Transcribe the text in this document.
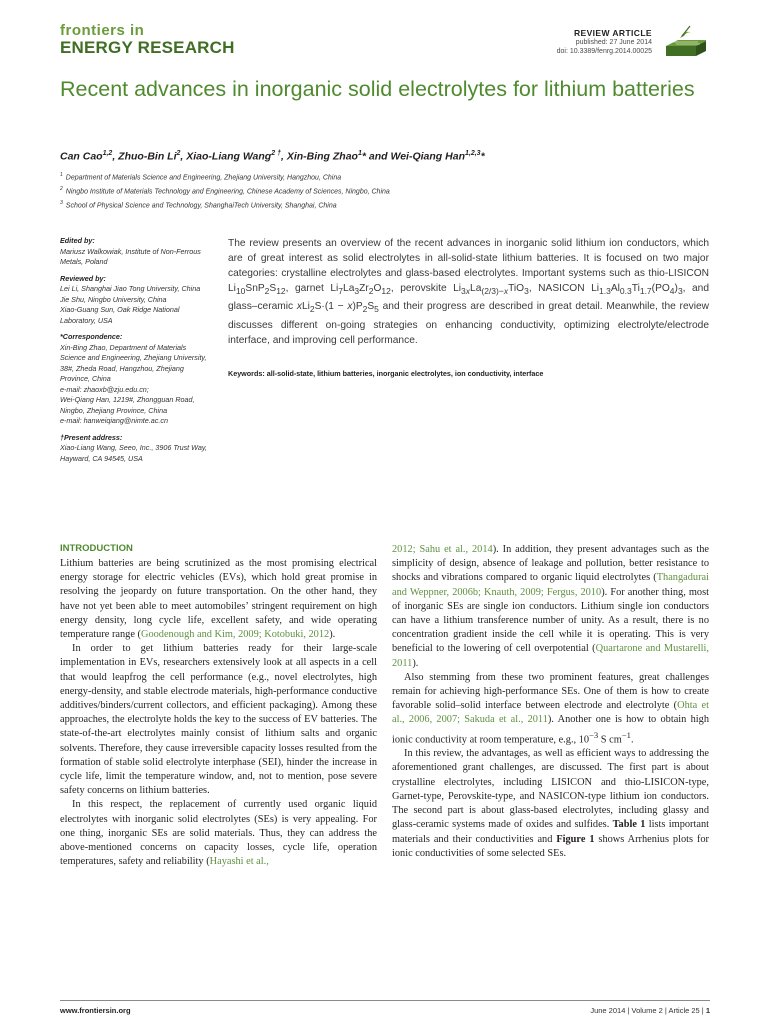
frontiers in
ENERGY RESEARCH
REVIEW ARTICLE
published: 27 June 2014
doi: 10.3389/fenrg.2014.00025
Recent advances in inorganic solid electrolytes for lithium batteries
Can Cao$^{1,2}$, Zhuo-Bin Li$^2$, Xiao-Liang Wang$^{2 \dagger}$, Xin-Bing Zhao$^1$* and Wei-Qiang Han$^{1,2,3}$*
$^1$ Department of Materials Science and Engineering, Zhejiang University, Hangzhou, China
$^2$ Ningbo Institute of Materials Technology and Engineering, Chinese Academy of Sciences, Ningbo, China
$^3$ School of Physical Science and Technology, ShanghaiTech University, Shanghai, China
Edited by:
Mariusz Walkowiak, Institute of Non-Ferrous Metals, Poland
Reviewed by:
Lei Li, Shanghai Jiao Tong University, China
Jie Shu, Ningbo University, China
Xiao-Guang Sun, Oak Ridge National Laboratory, USA
*Correspondence:
Xin-Bing Zhao, Department of Materials Science and Engineering, Zhejiang University, 38#, Zheda Road, Hangzhou, Zhejiang Province, China
e-mail: zhaoxb@zju.edu.cn;
Wei-Qiang Han, 1219#, Zhongguan Road, Ningbo, Zhejiang Province, China
e-mail: hanweiqiang@nimte.ac.cn
†Present address:
Xiao-Liang Wang, Seeo, Inc., 3906 Trust Way, Hayward, CA 94545, USA
The review presents an overview of the recent advances in inorganic solid lithium ion conductors, which are of great interest as solid electrolytes in all-solid-state lithium batteries. It is focused on two major categories: crystalline electrolytes and glass-based electrolytes. Important systems such as thio-LISICON $Li_{10}SnP_2S_{12}$, garnet $Li_7La_3Zr_2O_{12}$, perovskite $Li_{3x}La_{(2/3)-x}TiO_3$, NASICON $Li_{1.3}Al_{0.3}Ti_{1.7}(PO_4)_3$, and glass–ceramic $xLi_2S\cdot(1 - x)P_2S_5$ and their progress are described in great detail. Meanwhile, the review discusses different on-going strategies on enhancing conductivity, optimizing electrolyte/electrode interface, and improving cell performance.
Keywords: all-solid-state, lithium batteries, inorganic electrolytes, ion conductivity, interface
INTRODUCTION

Lithium batteries are being scrutinized as the most promising electrical energy storage for electric vehicles (EVs), which hold great promise in resolving the jeopardy on future transportation. On the other hand, they have not yet been able to meet automobiles’ stringent requirement on high energy density, long cycle life, excellent safety, and wide operating temperature range (Goodenough and Kim, 2009; Kotobuki, 2012).

In order to get lithium batteries ready for their large-scale implementation in EVs, researchers extensively look at all aspects in a cell that would leapfrog the cell performance (e.g., novel electrolytes, high energy-density, and stable electrode materials, high-performance conductive additives/binders/current collectors, and efficient packaging). Among these approaches, the electrolyte holds the key to the success of EV batteries. The state-of-the-art electrolytes mainly consist of lithium salts and organic solvents. Therefore, they cause irreversible capacity losses resulted from the formation of stable solid electrolyte interphase (SEI), hinder the increase in cycle life, limit the temperature window, and, not to mention, pose severe safety concerns on lithium batteries.

In this respect, the replacement of currently used organic liquid electrolytes with inorganic solid electrolytes (SEs) is very appealing. For one thing, inorganic SEs are solid materials. Thus, they can address the above-mentioned concerns on capacity losses, cycle life, operation temperatures, safety and reliability (Hayashi et al.,

2012; Sahu et al., 2014). In addition, they present advantages such as the simplicity of design, absence of leakage and pollution, better resistance to shocks and vibrations compared to organic liquid electrolytes (Thangadurai and Weppner, 2006b; Knauth, 2009; Fergus, 2010). For another thing, most of inorganic SEs are single ion conductors. Lithium single ion conductors can have a lithium transference number of unity. As a result, there is no concentration gradient inside the cell while it is operating. This is very beneficial to the lowering of cell overpotential (Quartarone and Mustarelli, 2011).

Also stemming from these two prominent features, great challenges remain for achieving high-performance SEs. One of them is how to create favorable solid–solid interface between electrode and electrolyte (Ohta et al., 2006, 2007; Sakuda et al., 2011). Another one is how to obtain high ionic conductivity at room temperature, e.g., $10^{-3}$ S $cm^{-1}$.

In this review, the advantages, as well as efficient ways to addressing the aforementioned grant challenges, are discussed. The first part is about crystalline electrolytes, including LISICON and thio-LISICON-type, Garnet-type, Perovskite-type, and NASICON-type lithium ion conductors. The second part is about glass-based electrolytes, including glassy and glass-ceramic systems made of oxides and sulfides. Table 1 lists important materials and their conductivities and Figure 1 shows Arrhenius plots for ionic conductivities of some selected SEs.

www.frontiersin.org	June 2014 | Volume 2 | Article 25 | 1
